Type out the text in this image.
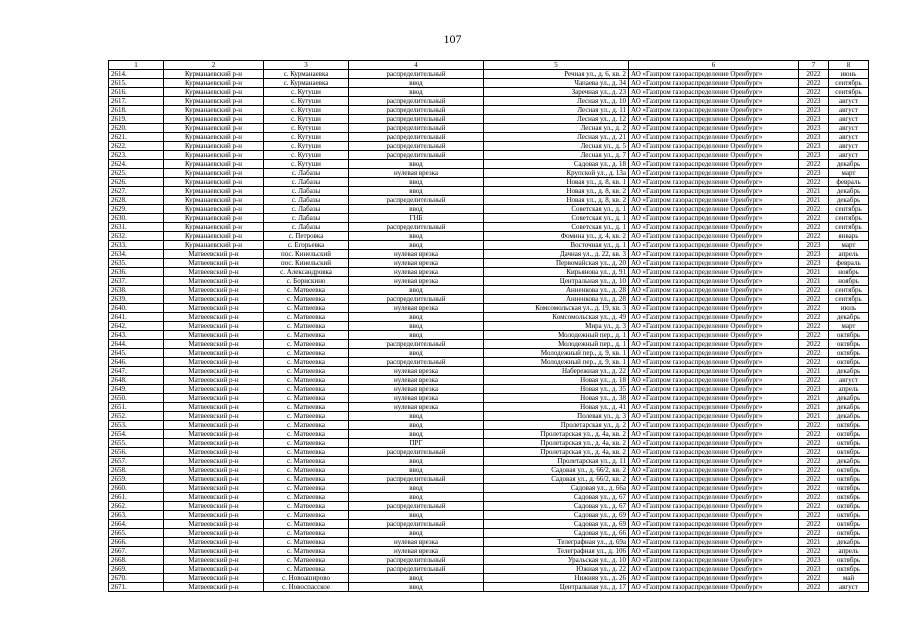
107
1	2	3	4	5	6	7	8
2614.	Курманаевский р-н	с. Курманаевка	распределительный	Речная ул., д. 6, кв. 2	АО «Газпром газораспределение Оренбург»	2022	июнь
2615.	Курманаевский р-н	с. Курманаевка	ввод	Чапаева ул., д. 34	АО «Газпром газораспределение Оренбург»	2022	сентябрь
2616.	Курманаевский р-н	с. Кутуши	ввод	Заречная ул., д. 23	АО «Газпром газораспределение Оренбург»	2022	сентябрь
2617.	Курманаевский р-н	с. Кутуши	распределительный	Лесная ул., д. 10	АО «Газпром газораспределение Оренбург»	2023	август
2618.	Курманаевский р-н	с. Кутуши	распределительный	Лесная ул., д. 11	АО «Газпром газораспределение Оренбург»	2023	август
2619.	Курманаевский р-н	с. Кутуши	распределительный	Лесная ул., д. 12	АО «Газпром газораспределение Оренбург»	2023	август
2620.	Курманаевский р-н	с. Кутуши	распределительный	Лесная ул., д. 2	АО «Газпром газораспределение Оренбург»	2023	август
2621.	Курманаевский р-н	с. Кутуши	распределительный	Лесная ул., д. 21	АО «Газпром газораспределение Оренбург»	2023	август
2622.	Курманаевский р-н	с. Кутуши	распределительный	Лесная ул., д. 5	АО «Газпром газораспределение Оренбург»	2023	август
2623.	Курманаевский р-н	с. Кутуши	распределительный	Лесная ул., д. 7	АО «Газпром газораспределение Оренбург»	2023	август
2624.	Курманаевский р-н	с. Кутуши	ввод	Садовая ул., д. 18	АО «Газпром газораспределение Оренбург»	2022	декабрь
2625.	Курманаевский р-н	с. Лабазы	нулевая врезка	Крупской ул., д. 13а	АО «Газпром газораспределение Оренбург»	2023	март
2626.	Курманаевский р-н	с. Лабазы	ввод	Новая ул., д. 8, кв. 1	АО «Газпром газораспределение Оренбург»	2022	февраль
2627.	Курманаевский р-н	с. Лабазы	ввод	Новая ул., д. 8, кв. 2	АО «Газпром газораспределение Оренбург»	2021	декабрь
2628.	Курманаевский р-н	с. Лабазы	распределительный	Новая ул., д. 8, кв. 2	АО «Газпром газораспределение Оренбург»	2021	декабрь
2629.	Курманаевский р-н	с. Лабазы	ввод	Советская ул., д. 1	АО «Газпром газораспределение Оренбург»	2022	сентябрь
2630.	Курманаевский р-н	с. Лабазы	ГНБ	Советская ул., д. 1	АО «Газпром газораспределение Оренбург»	2022	сентябрь
2631.	Курманаевский р-н	с. Лабазы	распределительный	Советская ул., д. 1	АО «Газпром газораспределение Оренбург»	2022	сентябрь
2632.	Курманаевский р-н	с. Петровка	ввод	Фомина ул., д. 4, кв. 2	АО «Газпром газораспределение Оренбург»	2022	январь
2633.	Курманаевский р-н	с. Егорьевка	ввод	Восточная ул., д. 1	АО «Газпром газораспределение Оренбург»	2023	март
2634.	Матвеевский р-н	пос. Кинельский	нулевая врезка	Дачная ул., д. 22, кв. 3	АО «Газпром газораспределение Оренбург»	2023	апрель
2635.	Матвеевский р-н	пос. Кинельский	нулевая врезка	Первомайская ул., д. 20	АО «Газпром газораспределение Оренбург»	2023	февраль
2636.	Матвеевский р-н	с. Александровка	нулевая врезка	Кирьянова ул., д. 91	АО «Газпром газораспределение Оренбург»	2021	ноябрь
2637.	Матвеевский р-н	с. Борискино	нулевая врезка	Центральная ул., д. 10	АО «Газпром газораспределение Оренбург»	2021	ноябрь
2638.	Матвеевский р-н	с. Матвеевка	ввод	Анненкова ул., д. 28	АО «Газпром газораспределение Оренбург»	2022	сентябрь
2639.	Матвеевский р-н	с. Матвеевка	распределительный	Анненкова ул., д. 28	АО «Газпром газораспределение Оренбург»	2022	сентябрь
2640.	Матвеевский р-н	с. Матвеевка	нулевая врезка	Комсомольская ул., д. 19, кв. 3	АО «Газпром газораспределение Оренбург»	2022	июль
2641.	Матвеевский р-н	с. Матвеевка	ввод	Комсомольская ул., д. 49	АО «Газпром газораспределение Оренбург»	2022	декабрь
2642.	Матвеевский р-н	с. Матвеевка	ввод	Мира ул., д. 3	АО «Газпром газораспределение Оренбург»	2022	март
2643.	Матвеевский р-н	с. Матвеевка	ввод	Молодежный пер., д. 1	АО «Газпром газораспределение Оренбург»	2022	октябрь
2644.	Матвеевский р-н	с. Матвеевка	распределительный	Молодежный пер., д. 1	АО «Газпром газораспределение Оренбург»	2022	октябрь
2645.	Матвеевский р-н	с. Матвеевка	ввод	Молодежный пер., д. 9, кв. 1	АО «Газпром газораспределение Оренбург»	2022	октябрь
2646.	Матвеевский р-н	с. Матвеевка	распределительный	Молодежный пер., д. 9, кв. 1	АО «Газпром газораспределение Оренбург»	2022	октябрь
2647.	Матвеевский р-н	с. Матвеевка	нулевая врезка	Набережная ул., д. 22	АО «Газпром газораспределение Оренбург»	2021	декабрь
2648.	Матвеевский р-н	с. Матвеевка	нулевая врезка	Новая ул., д. 18	АО «Газпром газораспределение Оренбург»	2022	август
2649.	Матвеевский р-н	с. Матвеевка	нулевая врезка	Новая ул., д. 35	АО «Газпром газораспределение Оренбург»	2023	апрель
2650.	Матвеевский р-н	с. Матвеевка	нулевая врезка	Новая ул., д. 38	АО «Газпром газораспределение Оренбург»	2021	декабрь
2651.	Матвеевский р-н	с. Матвеевка	нулевая врезка	Новая ул., д. 41	АО «Газпром газораспределение Оренбург»	2021	декабрь
2652.	Матвеевский р-н	с. Матвеевка	ввод	Полевая ул., д. 3	АО «Газпром газораспределение Оренбург»	2021	декабрь
2653.	Матвеевский р-н	с. Матвеевка	ввод	Пролетарская ул., д. 2	АО «Газпром газораспределение Оренбург»	2022	октябрь
2654.	Матвеевский р-н	с. Матвеевка	ввод	Пролетарская ул., д. 4а, кв. 2	АО «Газпром газораспределение Оренбург»	2022	октябрь
2655.	Матвеевский р-н	с. Матвеевка	ПРГ	Пролетарская ул., д. 4а, кв. 2	АО «Газпром газораспределение Оренбург»	2022	октябрь
2656.	Матвеевский р-н	с. Матвеевка	распределительный	Пролетарская ул., д. 4а, кв. 2	АО «Газпром газораспределение Оренбург»	2022	октябрь
2657.	Матвеевский р-н	с. Матвеевка	ввод	Пролетарская ул., д. 11	АО «Газпром газораспределение Оренбург»	2022	декабрь
2658.	Матвеевский р-н	с. Матвеевка	ввод	Садовая ул., д. 66/2, кв. 2	АО «Газпром газораспределение Оренбург»	2022	октябрь
2659.	Матвеевский р-н	с. Матвеевка	распределительный	Садовая ул., д. 66/2, кв. 2	АО «Газпром газораспределение Оренбург»	2022	октябрь
2660.	Матвеевский р-н	с. Матвеевка	ввод	Садовая ул., д. 66а	АО «Газпром газораспределение Оренбург»	2022	октябрь
2661.	Матвеевский р-н	с. Матвеевка	ввод	Садовая ул., д. 67	АО «Газпром газораспределение Оренбург»	2022	октябрь
2662.	Матвеевский р-н	с. Матвеевка	распределительный	Садовая ул., д. 67	АО «Газпром газораспределение Оренбург»	2022	октябрь
2663.	Матвеевский р-н	с. Матвеевка	ввод	Садовая ул., д. 69	АО «Газпром газораспределение Оренбург»	2022	октябрь
2664.	Матвеевский р-н	с. Матвеевка	распределительный	Садовая ул., д. 69	АО «Газпром газораспределение Оренбург»	2022	октябрь
2665.	Матвеевский р-н	с. Матвеевка	ввод	Садовая ул., д. 66	АО «Газпром газораспределение Оренбург»	2022	октябрь
2666.	Матвеевский р-н	с. Матвеевка	нулевая врезка	Телеграфная ул., д. 69а	АО «Газпром газораспределение Оренбург»	2021	декабрь
2667.	Матвеевский р-н	с. Матвеевка	нулевая врезка	Телеграфная ул., д. 106	АО «Газпром газораспределение Оренбург»	2022	апрель
2668.	Матвеевский р-н	с. Матвеевка	распределительный	Уральская ул., д. 10	АО «Газпром газораспределение Оренбург»	2023	октябрь
2669.	Матвеевский р-н	с. Матвеевка	распределительный	Южная ул., д. 22	АО «Газпром газораспределение Оренбург»	2023	октябрь
2670.	Матвеевский р-н	с. Новоаширово	ввод	Нижняя ул., д. 26	АО «Газпром газораспределение Оренбург»	2022	май
2671.	Матвеевский р-н	с. Новоспасское	ввод	Центральная ул., д. 17	АО «Газпром газораспределение Оренбург»	2022	август
